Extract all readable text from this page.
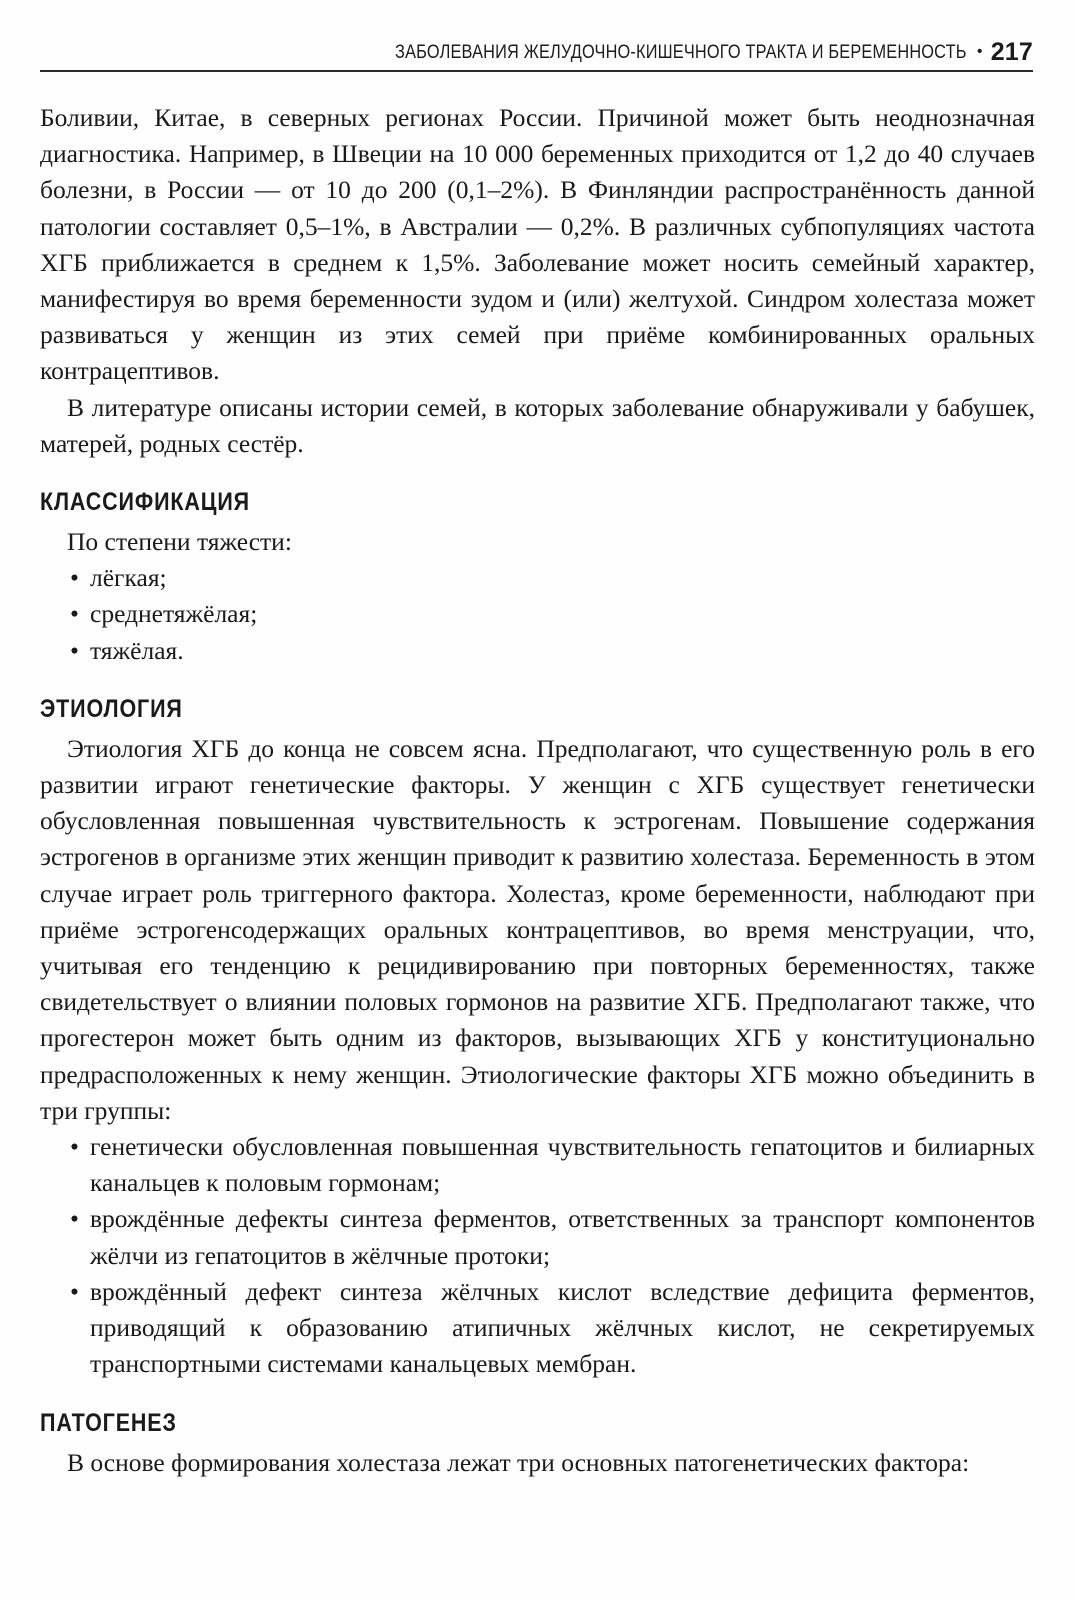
ЗАБОЛЕВАНИЯ ЖЕЛУДОЧНО-КИШЕЧНОГО ТРАКТА И БЕРЕМЕННОСТЬ • 217

Боливии, Китае, в северных регионах России. Причиной может быть неоднозначная диагностика. Например, в Швеции на 10 000 беременных приходится от 1,2 до 40 случаев болезни, в России — от 10 до 200 (0,1–2%). В Финляндии распространённость данной патологии составляет 0,5–1%, в Австралии — 0,2%. В различных субпопуляциях частота ХГБ приближается в среднем к 1,5%. Заболевание может носить семейный характер, манифестируя во время беременности зудом и (или) желтухой. Синдром холестаза может развиваться у женщин из этих семей при приёме комбинированных оральных контрацептивов.

В литературе описаны истории семей, в которых заболевание обнаруживали у бабушек, матерей, родных сестёр.

КЛАССИФИКАЦИЯ

По степени тяжести:

• лёгкая;
• среднетяжёлая;
• тяжёлая.
ЭТИОЛОГИЯ

Этиология ХГБ до конца не совсем ясна. Предполагают, что существенную роль в его развитии играют генетические факторы. У женщин с ХГБ существует генетически обусловленная повышенная чувствительность к эстрогенам. Повышение содержания эстрогенов в организме этих женщин приводит к развитию холестаза. Беременность в этом случае играет роль триггерного фактора. Холестаз, кроме беременности, наблюдают при приёме эстрогенсодержащих оральных контрацептивов, во время менструации, что, учитывая его тенденцию к рецидивированию при повторных беременностях, также свидетельствует о влиянии половых гормонов на развитие ХГБ. Предполагают также, что прогестерон может быть одним из факторов, вызывающих ХГБ у конституционально предрасположенных к нему женщин. Этиологические факторы ХГБ можно объединить в три группы:

• генетически обусловленная повышенная чувствительность гепатоцитов и билиарных канальцев к половым гормонам;
• врождённые дефекты синтеза ферментов, ответственных за транспорт компонентов жёлчи из гепатоцитов в жёлчные протоки;
• врождённый дефект синтеза жёлчных кислот вследствие дефицита ферментов, приводящий к образованию атипичных жёлчных кислот, не секретируемых транспортными системами канальцевых мембран.
ПАТОГЕНЕЗ

В основе формирования холестаза лежат три основных патогенетических фактора:
